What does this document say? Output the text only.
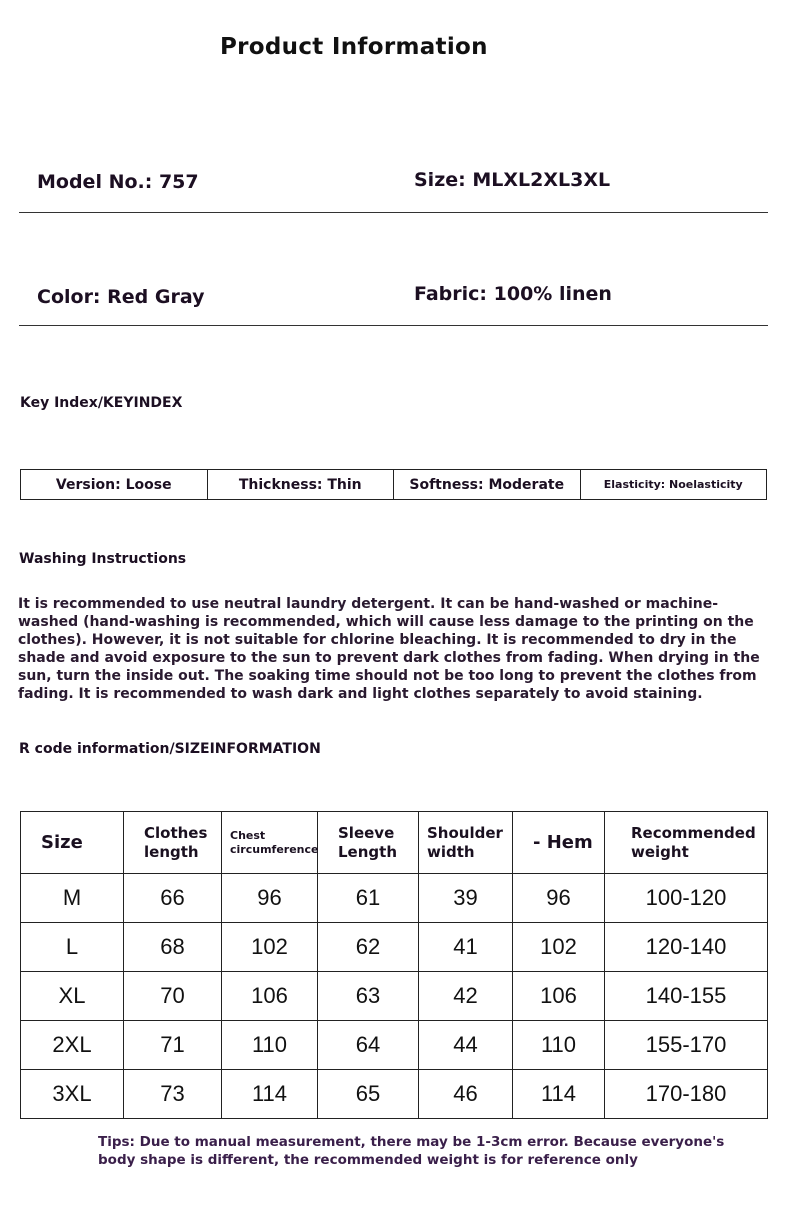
Product Information
Model No.: 757	Size: MLXL2XL3XL
Color: Red Gray	Fabric: 100% linen
Key Index/KEYINDEX
Version: Loose	Thickness: Thin	Softness: Moderate	Elasticity: Noelasticity
Washing Instructions
It is recommended to use neutral laundry detergent. It can be hand-washed or machine-washed (hand-washing is recommended, which will cause less damage to the printing on the clothes). However, it is not suitable for chlorine bleaching. It is recommended to dry in the shade and avoid exposure to the sun to prevent dark clothes from fading. When drying in the sun, turn the inside out. The soaking time should not be too long to prevent the clothes from fading. It is recommended to wash dark and light clothes separately to avoid staining.
R code information/SIZEINFORMATION
Size	Clothes length	Chest circumference	Sleeve Length	Shoulder width	- Hem	Recommended weight
M	66	96	61	39	96	100-120
L	68	102	62	41	102	120-140
XL	70	106	63	42	106	140-155
2XL	71	110	64	44	110	155-170
3XL	73	114	65	46	114	170-180
Tips: Due to manual measurement, there may be 1-3cm error. Because everyone's body shape is different, the recommended weight is for reference only
